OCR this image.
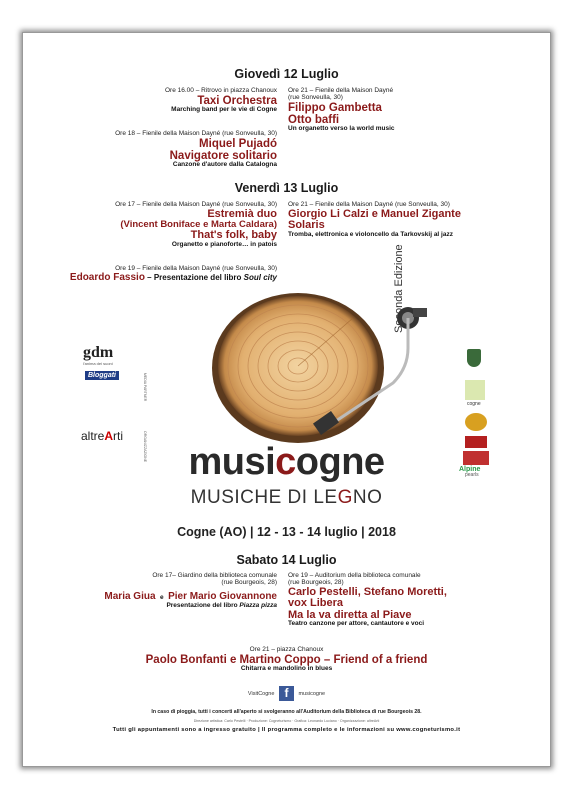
Giovedì 12 Luglio
Ore 16.00 – Ritrovo in piazza Chanoux
Taxi Orchestra
Marching band per le vie di Cogne
Ore 18 – Fienile della Maison Dayné (rue Sonveulla, 30)
Miquel Pujadó
Navigatore solitario
Canzone d'autore dalla Catalogna
Ore 21 – Fienile della Maison Dayné
(rue Sonveulla, 30)
Filippo Gambetta
Otto baffi
Un organetto verso la world music
Venerdì 13 Luglio
Ore 17 – Fienile della Maison Dayné (rue Sonveulla, 30)
Estremià duo
(Vincent Boniface e Marta Caldara)
That's folk, baby
Organetto e pianoforte… in patois
Ore 19 – Fienile della Maison Dayné (rue Sonveulla, 30)
Edoardo Fassio – Presentazione del libro Soul city
Ore 21 – Fienile della Maison Dayné (rue Sonveulla, 30)
Giorgio Li Calzi e Manuel Zigante
Solaris
Tromba, elettronica e violoncello da Tarkovskij al jazz
Seconda Edizione
gdm
l'anima dei suoni
Bloggati
altreArti
MEDIA PARTNER
ORGANIZZAZIONE
cogne
Alpine
pearls
musicogne
MUSICHE DI LEGNO
Cogne (AO) | 12 - 13 - 14 luglio | 2018
Sabato 14 Luglio
Ore 17– Giardino della biblioteca comunale
(rue Bourgeois, 28)
Maria Giua e Pier Mario Giovannone
Presentazione del libro Piazza pizza
Ore 19 – Auditorium della biblioteca comunale
(rue Bourgeois, 28)
Carlo Pestelli, Stefano Moretti,
vox Libera
Ma la va diretta al Piave
Teatro canzone per attore, cantautore e voci
Ore 21 – piazza Chanoux
Paolo Bonfanti e Martino Coppo – Friend of a friend
Chitarra e mandolino in blues
VisitCogne f musicogne
In caso di pioggia, tutti i concerti all'aperto si svolgeranno all'Auditorium della Biblioteca di rue Bourgeois 28.
Direzione artistica: Carlo Pestelli · Produzione: Cogneturismo · Grafica: Leonardo Luciano · Organizzazione: altreArti
Tutti gli appuntamenti sono a ingresso gratuito | Il programma completo e le informazioni su www.cogneturismo.it
